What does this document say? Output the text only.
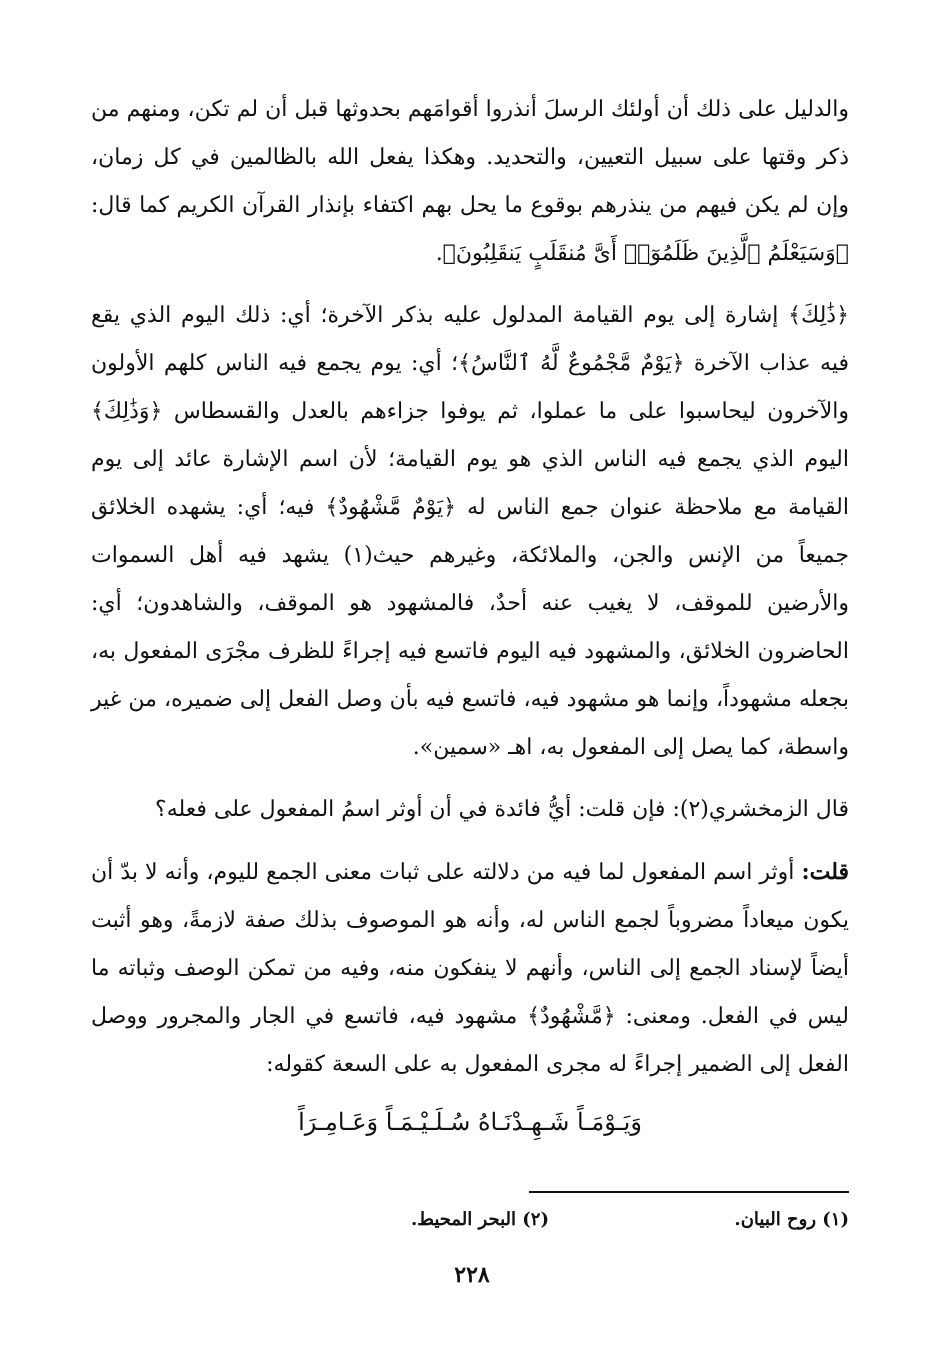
والدليل على ذلك أن أولئك الرسلَ أنذروا أقوامَهم بحدوثها قبل أن لم تكن، ومنهم من ذكر وقتها على سبيل التعيين، والتحديد. وهكذا يفعل الله بالظالمين في كل زمان، وإن لم يكن فيهم من ينذرهم بوقوع ما يحل بهم اكتفاء بإنذار القرآن الكريم كما قال: ﴿وَسَيَعْلَمُ ٱلَّذِينَ ظَلَمُوٓا۟ أَىَّ مُنقَلَبٍ يَنقَلِبُونَ﴾.

﴿ذَٰلِكَ﴾ إشارة إلى يوم القيامة المدلول عليه بذكر الآخرة؛ أي: ذلك اليوم الذي يقع فيه عذاب الآخرة ﴿يَوْمٌ مَّجْمُوعٌ لَّهُ ٱلنَّاسُ﴾؛ أي: يوم يجمع فيه الناس كلهم الأولون والآخرون ليحاسبوا على ما عملوا، ثم يوفوا جزاءهم بالعدل والقسطاس ﴿وَذَٰلِكَ﴾ اليوم الذي يجمع فيه الناس الذي هو يوم القيامة؛ لأن اسم الإشارة عائد إلى يوم القيامة مع ملاحظة عنوان جمع الناس له ﴿يَوْمٌ مَّشْهُودٌ﴾ فيه؛ أي: يشهده الخلائق جميعاً من الإنس والجن، والملائكة، وغيرهم حيث(١) يشهد فيه أهل السموات والأرضين للموقف، لا يغيب عنه أحدٌ، فالمشهود هو الموقف، والشاهدون؛ أي: الحاضرون الخلائق، والمشهود فيه اليوم فاتسع فيه إجراءً للظرف مجْرَى المفعول به، بجعله مشهوداً، وإنما هو مشهود فيه، فاتسع فيه بأن وصل الفعل إلى ضميره، من غير واسطة، كما يصل إلى المفعول به، اهـ «سمين».

قال الزمخشري(٢): فإن قلت: أيُّ فائدة في أن أوثر اسمُ المفعول على فعله؟

قلت: أوثر اسم المفعول لما فيه من دلالته على ثبات معنى الجمع لليوم، وأنه لا بدّ أن يكون ميعاداً مضروباً لجمع الناس له، وأنه هو الموصوف بذلك صفة لازمةً، وهو أثبت أيضاً لإسناد الجمع إلى الناس، وأنهم لا ينفكون منه، وفيه من تمكن الوصف وثباته ما ليس في الفعل. ومعنى: ﴿مَّشْهُودٌ﴾ مشهود فيه، فاتسع في الجار والمجرور ووصل الفعل إلى الضمير إجراءً له مجرى المفعول به على السعة كقوله:

وَيَـوْمَـاً شَـهِـدْنَـاهُ سُـلَـيْـمَـاً وَعَـامِـرَاً
(١) روح البيان.
(٢) البحر المحيط.
٢٢٨
